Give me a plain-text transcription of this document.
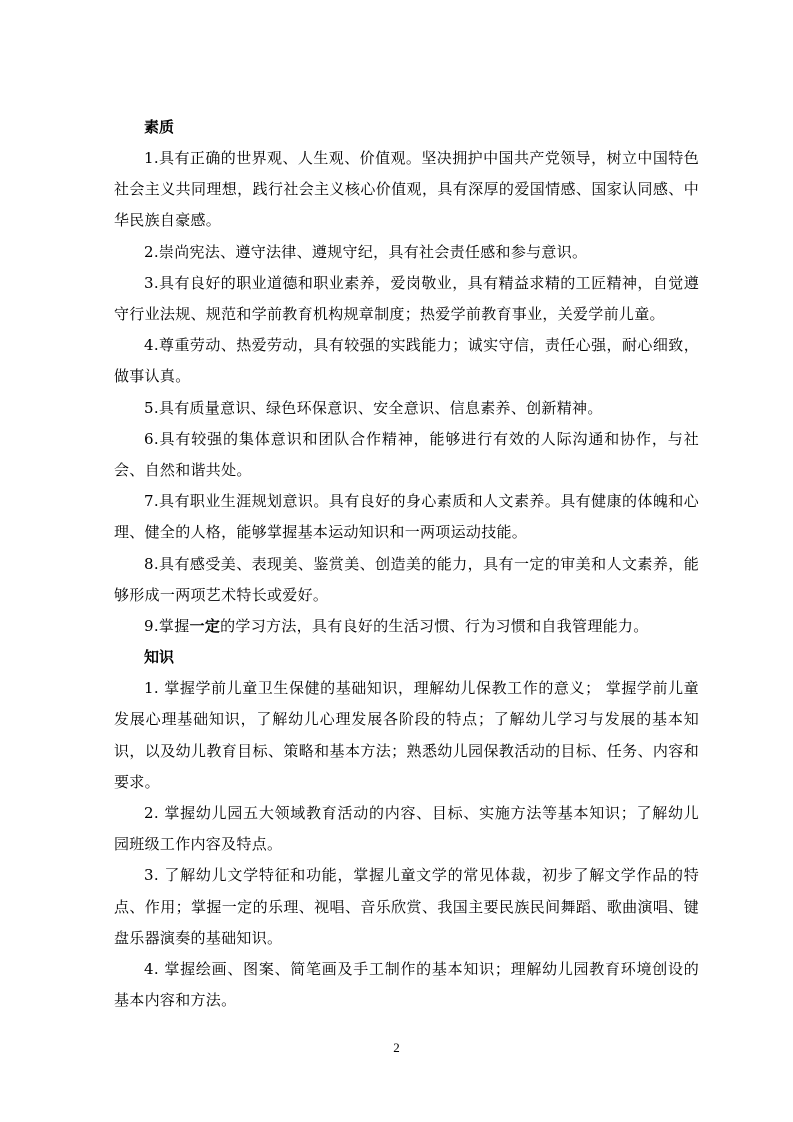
素质

1.具有正确的世界观、人生观、价值观。坚决拥护中国共产党领导，树立中国特色社会主义共同理想，践行社会主义核心价值观，具有深厚的爱国情感、国家认同感、中华民族自豪感。

2.崇尚宪法、遵守法律、遵规守纪，具有社会责任感和参与意识。

3.具有良好的职业道德和职业素养，爱岗敬业，具有精益求精的工匠精神，自觉遵守行业法规、规范和学前教育机构规章制度；热爱学前教育事业，关爱学前儿童。

4.尊重劳动、热爱劳动，具有较强的实践能力；诚实守信，责任心强，耐心细致，做事认真。

5.具有质量意识、绿色环保意识、安全意识、信息素养、创新精神。

6.具有较强的集体意识和团队合作精神，能够进行有效的人际沟通和协作，与社会、自然和谐共处。

7.具有职业生涯规划意识。具有良好的身心素质和人文素养。具有健康的体魄和心理、健全的人格，能够掌握基本运动知识和一两项运动技能。

8.具有感受美、表现美、鉴赏美、创造美的能力，具有一定的审美和人文素养，能够形成一两项艺术特长或爱好。

9.掌握一定的学习方法，具有良好的生活习惯、行为习惯和自我管理能力。

知识

1. 掌握学前儿童卫生保健的基础知识，理解幼儿保教工作的意义； 掌握学前儿童发展心理基础知识，了解幼儿心理发展各阶段的特点；了解幼儿学习与发展的基本知识，以及幼儿教育目标、策略和基本方法；熟悉幼儿园保教活动的目标、任务、内容和要求。

2. 掌握幼儿园五大领域教育活动的内容、目标、实施方法等基本知识；了解幼儿园班级工作内容及特点。

3. 了解幼儿文学特征和功能，掌握儿童文学的常见体裁，初步了解文学作品的特点、作用；掌握一定的乐理、视唱、音乐欣赏、我国主要民族民间舞蹈、歌曲演唱、键盘乐器演奏的基础知识。

4. 掌握绘画、图案、简笔画及手工制作的基本知识；理解幼儿园教育环境创设的基本内容和方法。

2
